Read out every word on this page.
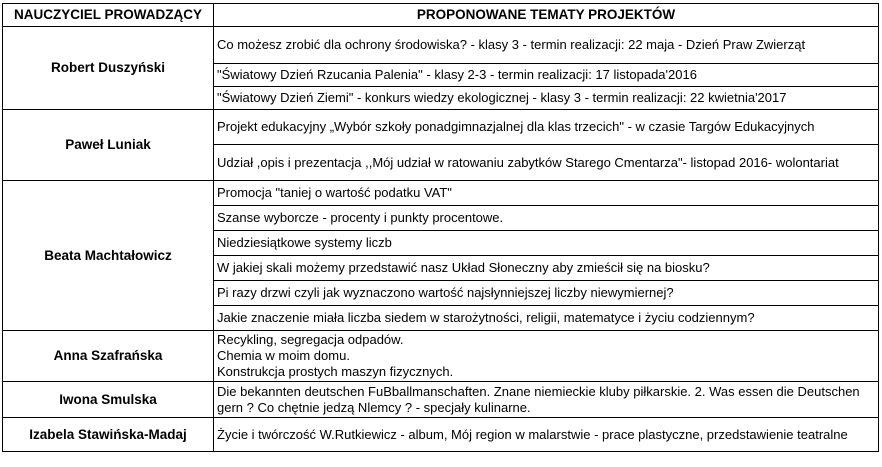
NAUCZYCIEL PROWADZĄCY	PROPONOWANE TEMATY PROJEKTÓW
Robert Duszyński	Co możesz zrobić dla ochrony środowiska? - klasy 3 - termin realizacji: 22 maja - Dzień Praw Zwierząt
	"Światowy Dzień Rzucania Palenia" - klasy 2-3 - termin realizacji: 17 listopada'2016
	"Światowy Dzień Ziemi" - konkurs wiedzy ekologicznej - klasy 3 - termin realizacji: 22 kwietnia'2017
Paweł Luniak	Projekt edukacyjny „Wybór szkoły ponadgimnazjalnej dla klas trzecich" - w czasie Targów Edukacyjnych
	Udział ,opis i prezentacja ,,Mój udział w ratowaniu zabytków Starego Cmentarza"- listopad 2016- wolontariat
Beata Machtałowicz	Promocja "taniej o wartość podatku VAT"
	Szanse wyborcze - procenty i punkty procentowe.
	Niedziesiątkowe systemy liczb
	W jakiej skali możemy przedstawić nasz Układ Słoneczny aby zmieścił się na biosku?
	Pi razy drzwi czyli jak wyznaczono wartość najsłynniejszej liczby niewymiernej?
	Jakie znaczenie miała liczba siedem w starożytności, religii, matematyce i życiu codziennym?
Anna Szafrańska	Recykling, segregacja odpadów.
Chemia w moim domu.
Konstrukcja prostych maszyn fizycznych.

Iwona Smulska	Die bekannten deutschen FuBballmanschaften. Znane niemieckie kluby piłkarskie. 2. Was essen die Deutschen gern ? Co chętnie jedzą Nlemcy ? - specjały kulinarne.
Izabela Stawińska-Madaj	Życie i twórczość W.Rutkiewicz - album, Mój region w malarstwie - prace plastyczne, przedstawienie teatralne
